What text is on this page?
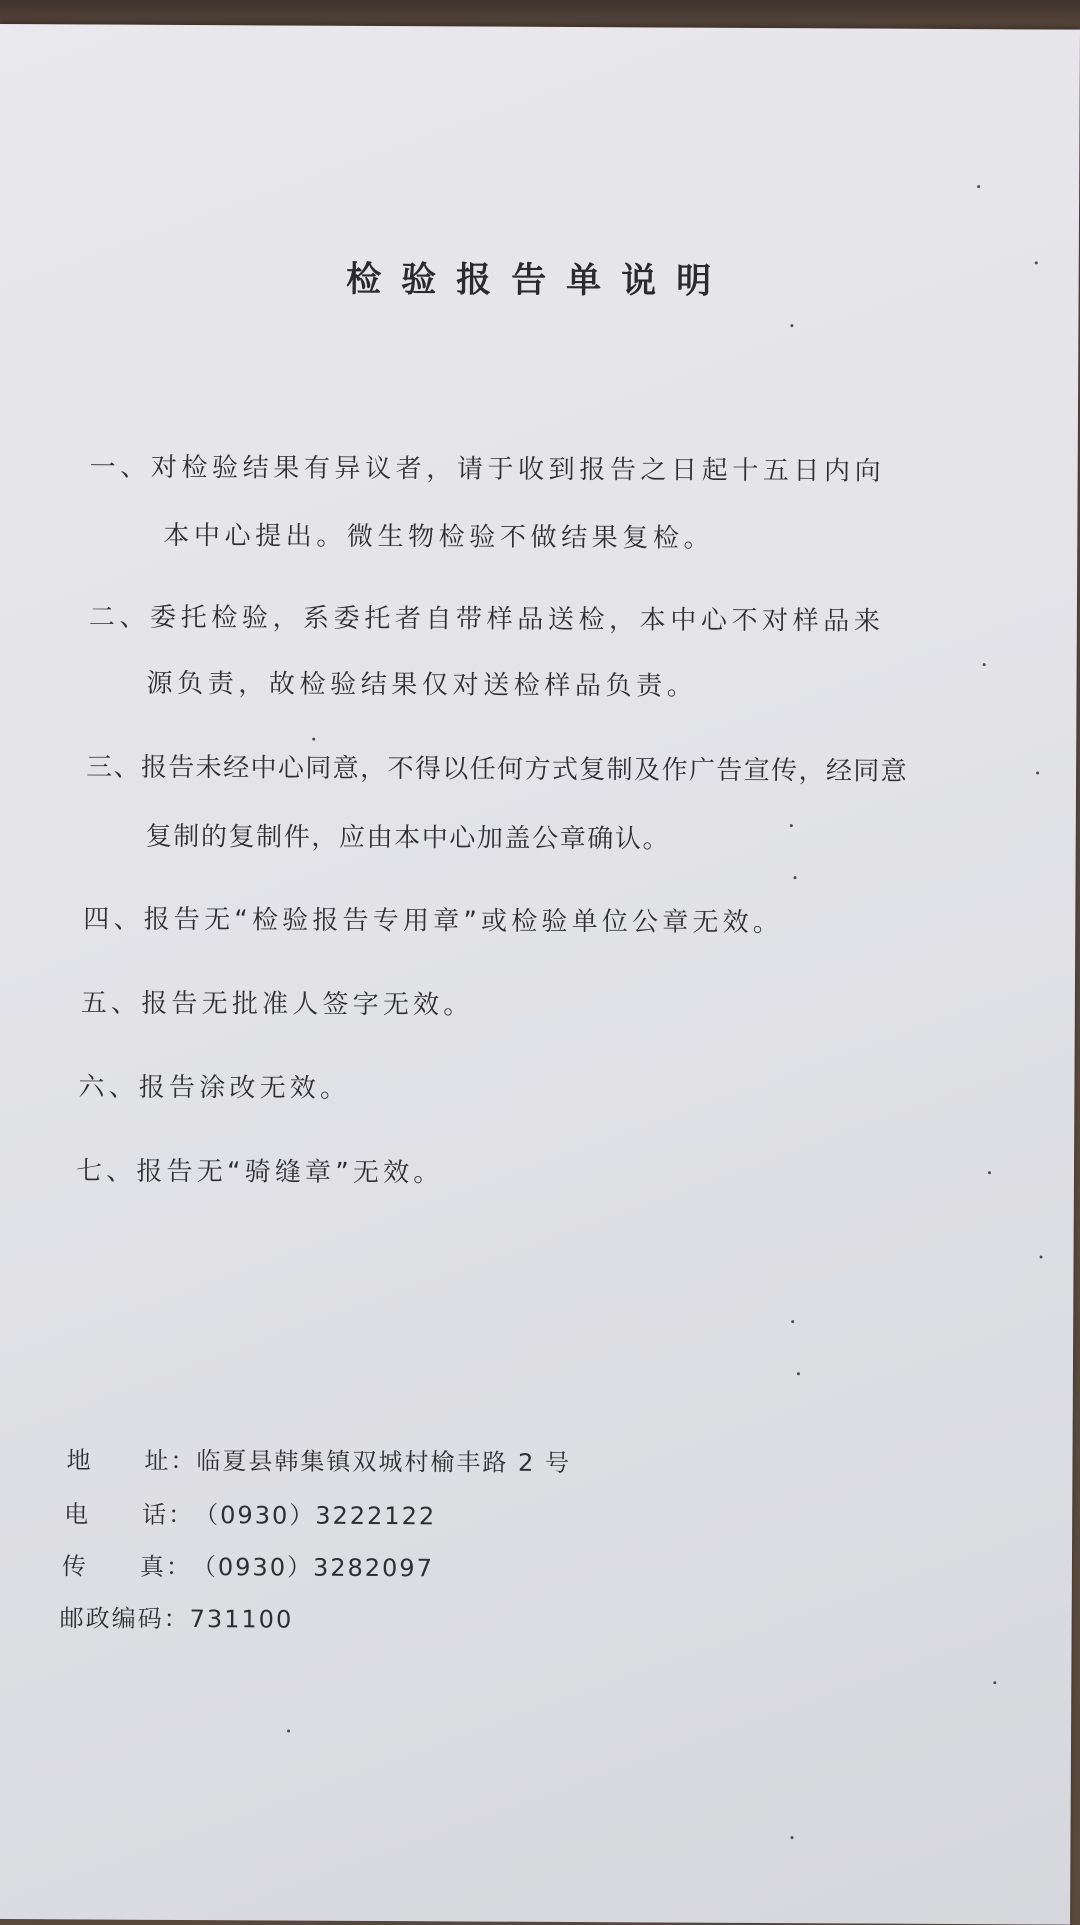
检验报告单说明
一、对检验结果有异议者，请于收到报告之日起十五日内向
本中心提出。微生物检验不做结果复检。
二、委托检验，系委托者自带样品送检，本中心不对样品来
源负责，故检验结果仅对送检样品负责。
三、报告未经中心同意，不得以任何方式复制及作广告宣传，经同意
复制的复制件，应由本中心加盖公章确认。
四、报告无“检验报告专用章”或检验单位公章无效。
五、报告无批准人签字无效。
六、报告涂改无效。
七、报告无“骑缝章”无效。
地　　址：临夏县韩集镇双城村榆丰路 2 号
电　　话：（0930）3222122
传　　真：（0930）3282097
邮政编码：731100
